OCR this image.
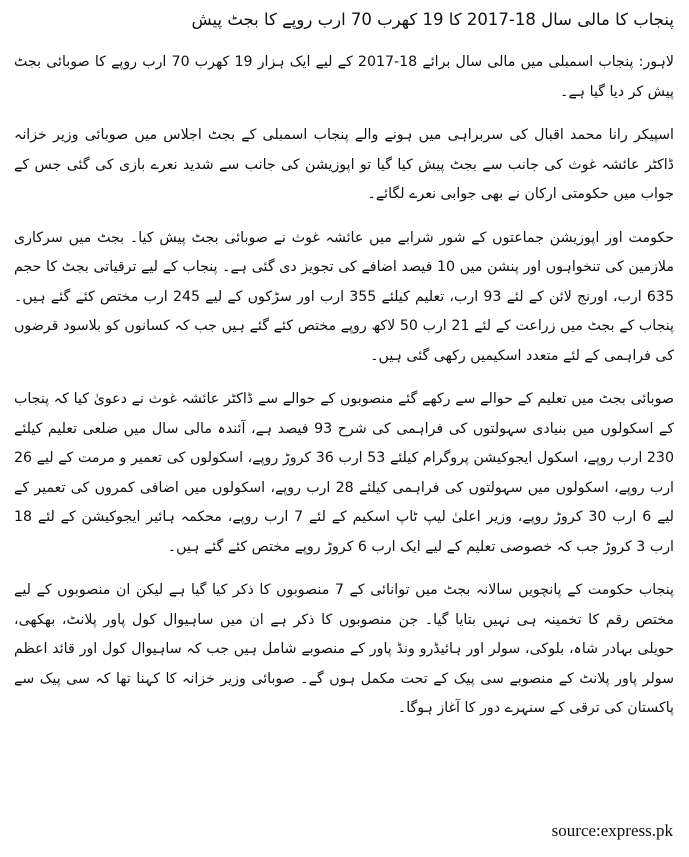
پنجاب کا مالی سال 18-2017 کا 19 کھرب 70 ارب روپے کا بجٹ پیش

لاہور: پنجاب اسمبلی میں مالی سال برائے 18-2017 کے لیے ایک ہزار 19 کھرب 70 ارب روپے کا صوبائی بجٹ پیش کر دیا گیا ہے۔

اسپیکر رانا محمد اقبال کی سربراہی میں ہونے والے پنجاب اسمبلی کے بجٹ اجلاس میں صوبائی وزیر خزانہ ڈاکٹر عائشہ غوث کی جانب سے بجٹ پیش کیا گیا تو اپوزیشن کی جانب سے شدید نعرے بازی کی گئی جس کے جواب میں حکومتی ارکان نے بھی جوابی نعرے لگائے۔

حکومت اور اپوزیشن جماعتوں کے شور شرابے میں عائشہ غوث نے صوبائی بجٹ پیش کیا۔ بجٹ میں سرکاری ملازمین کی تنخواہوں اور پنشن میں 10 فیصد اضافے کی تجویز دی گئی ہے۔ پنجاب کے لیے ترقیاتی بجٹ کا حجم 635 ارب، اورنج لائن کے لئے 93 ارب، تعلیم کیلئے 355 ارب اور سڑکوں کے لیے 245 ارب مختص کئے گئے ہیں۔ پنجاب کے بجٹ میں زراعت کے لئے 21 ارب 50 لاکھ روپے مختص کئے گئے ہیں جب کہ کسانوں کو بلاسود قرضوں کی فراہمی کے لئے متعدد اسکیمیں رکھی گئی ہیں۔

صوبائی بجٹ میں تعلیم کے حوالے سے رکھے گئے منصوبوں کے حوالے سے ڈاکٹر عائشہ غوث نے دعویٰ کیا کہ پنجاب کے اسکولوں میں بنیادی سہولتوں کی فراہمی کی شرح 93 فیصد ہے، آئندہ مالی سال میں ضلعی تعلیم کیلئے 230 ارب روپے، اسکول ایجوکیشن پروگرام کیلئے 53 ارب 36 کروڑ روپے، اسکولوں کی تعمیر و مرمت کے لیے 26 ارب روپے، اسکولوں میں سہولتوں کی فراہمی کیلئے 28 ارب روپے، اسکولوں میں اضافی کمروں کی تعمیر کے لیے 6 ارب 30 کروڑ روپے، وزیر اعلیٰ لیپ ٹاپ اسکیم کے لئے 7 ارب روپے، محکمہ ہائیر ایجوکیشن کے لئے 18 ارب 3 کروڑ جب کہ خصوصی تعلیم کے لیے ایک ارب 6 کروڑ روپے مختص کئے گئے ہیں۔

پنجاب حکومت کے پانچویں سالانہ بجٹ میں توانائی کے 7 منصوبوں کا ذکر کیا گیا ہے لیکن ان منصوبوں کے لیے مختص رقم کا تخمینہ ہی نہیں بتایا گیا۔ جن منصوبوں کا ذکر ہے ان میں ساہیوال کول پاور پلانٹ، بھکھی، حویلی بہادر شاہ، بلوکی، سولر اور ہائیڈرو ونڈ پاور کے منصوبے شامل ہیں جب کہ ساہیوال کول اور قائد اعظم سولر پاور پلانٹ کے منصوبے سی پیک کے تحت مکمل ہوں گے۔ صوبائی وزیر خزانہ کا کہنا تھا کہ سی پیک سے پاکستان کی ترقی کے سنہرے دور کا آغاز ہوگا۔

source:express.pk
